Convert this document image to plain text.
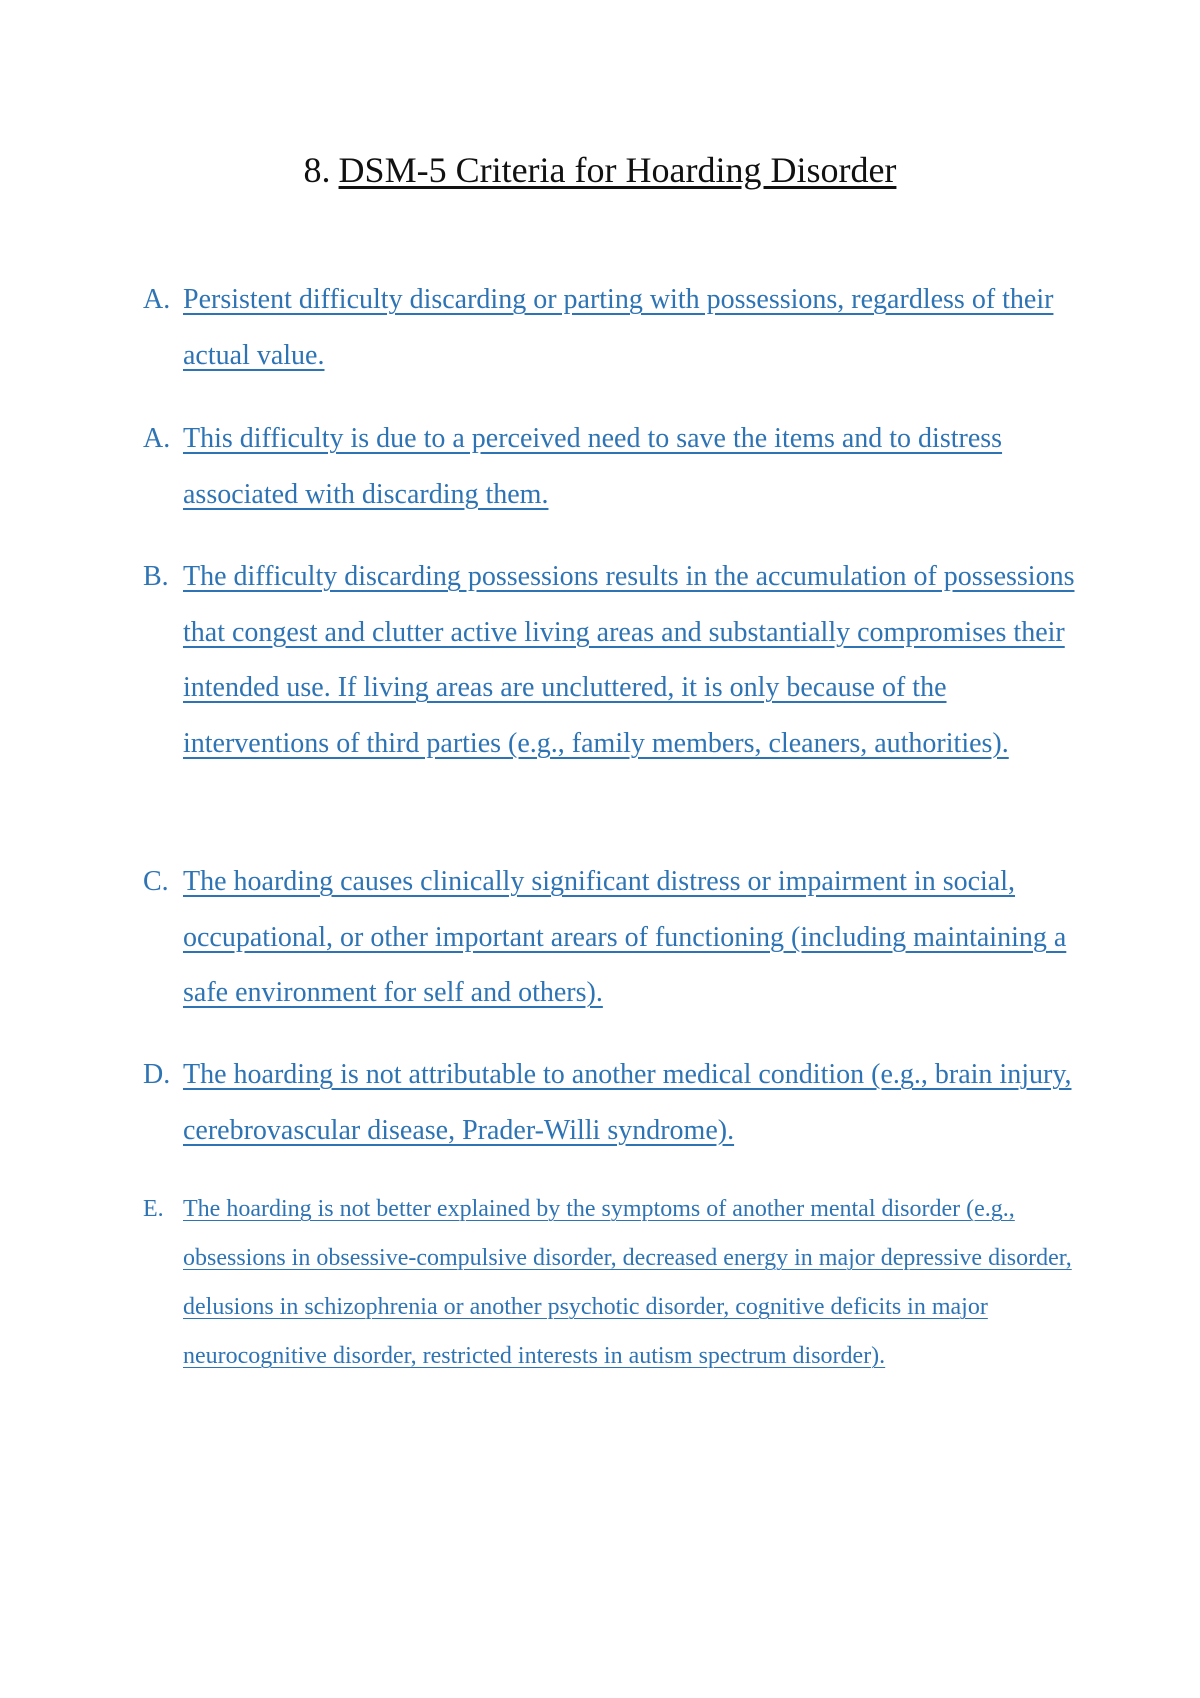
8. DSM-5 Criteria for Hoarding Disorder
A. Persistent difficulty discarding or parting with possessions, regardless of their actual value.
A. This difficulty is due to a perceived need to save the items and to distress associated with discarding them.
B. The difficulty discarding possessions results in the accumulation of possessions that congest and clutter active living areas and substantially compromises their intended use. If living areas are uncluttered, it is only because of the interventions of third parties (e.g., family members, cleaners, authorities).
C. The hoarding causes clinically significant distress or impairment in social, occupational, or other important arears of functioning (including maintaining a safe environment for self and others).
D. The hoarding is not attributable to another medical condition (e.g., brain injury, cerebrovascular disease, Prader-Willi syndrome).
E. The hoarding is not better explained by the symptoms of another mental disorder (e.g., obsessions in obsessive-compulsive disorder, decreased energy in major depressive disorder, delusions in schizophrenia or another psychotic disorder, cognitive deficits in major neurocognitive disorder, restricted interests in autism spectrum disorder).
